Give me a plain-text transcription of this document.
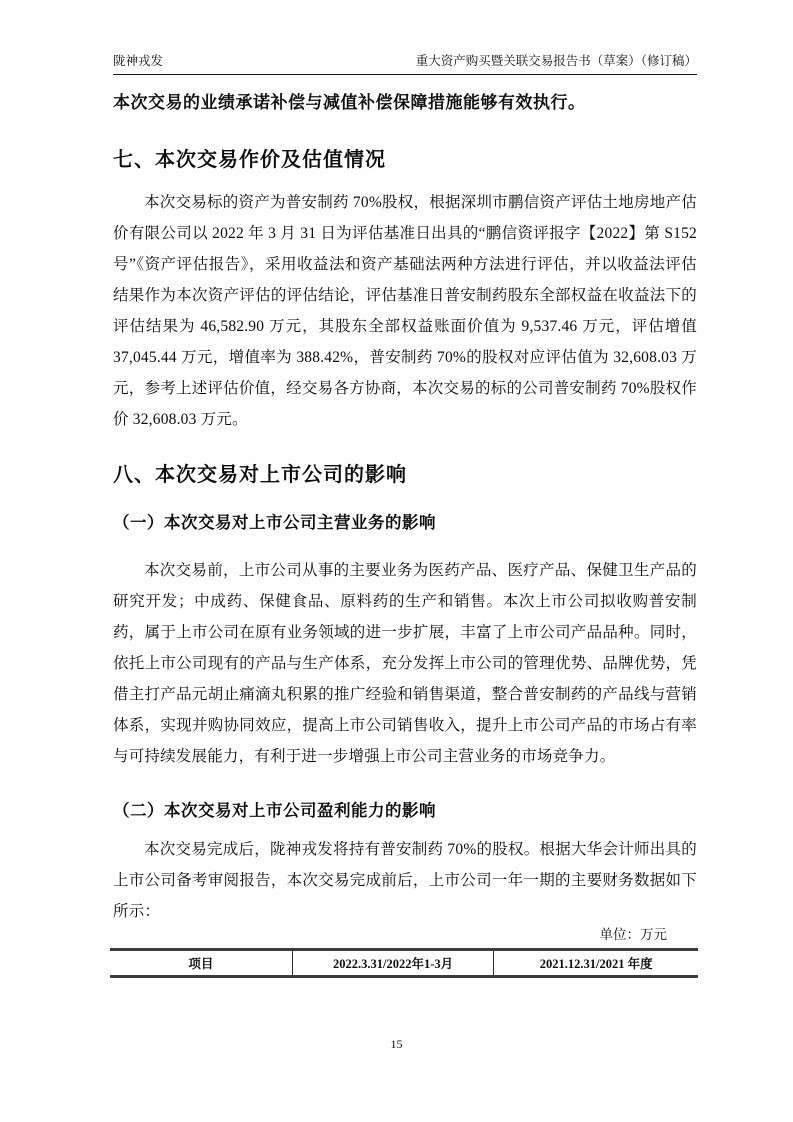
陇神戎发	重大资产购买暨关联交易报告书（草案）（修订稿）
本次交易的业绩承诺补偿与减值补偿保障措施能够有效执行。
七、本次交易作价及估值情况
本次交易标的资产为普安制药 70%股权，根据深圳市鹏信资产评估土地房地产估价有限公司以 2022 年 3 月 31 日为评估基准日出具的“鹏信资评报字【2022】第 S152 号”《资产评估报告》，采用收益法和资产基础法两种方法进行评估，并以收益法评估结果作为本次资产评估的评估结论，评估基准日普安制药股东全部权益在收益法下的评估结果为 46,582.90 万元，其股东全部权益账面价值为 9,537.46 万元，评估增值 37,045.44 万元，增值率为 388.42%，普安制药 70%的股权对应评估值为 32,608.03 万元，参考上述评估价值，经交易各方协商，本次交易的标的公司普安制药 70%股权作价 32,608.03 万元。
八、本次交易对上市公司的影响
（一）本次交易对上市公司主营业务的影响
本次交易前，上市公司从事的主要业务为医药产品、医疗产品、保健卫生产品的研究开发；中成药、保健食品、原料药的生产和销售。本次上市公司拟收购普安制药，属于上市公司在原有业务领域的进一步扩展，丰富了上市公司产品品种。同时，依托上市公司现有的产品与生产体系，充分发挥上市公司的管理优势、品牌优势，凭借主打产品元胡止痛滴丸积累的推广经验和销售渠道，整合普安制药的产品线与营销体系，实现并购协同效应，提高上市公司销售收入，提升上市公司产品的市场占有率与可持续发展能力，有利于进一步增强上市公司主营业务的市场竞争力。
（二）本次交易对上市公司盈利能力的影响
本次交易完成后，陇神戎发将持有普安制药 70%的股权。根据大华会计师出具的上市公司备考审阅报告，本次交易完成前后，上市公司一年一期的主要财务数据如下所示：
单位：万元
项目	2022.3.31/2022年1-3月	2021.12.31/2021 年度
15
